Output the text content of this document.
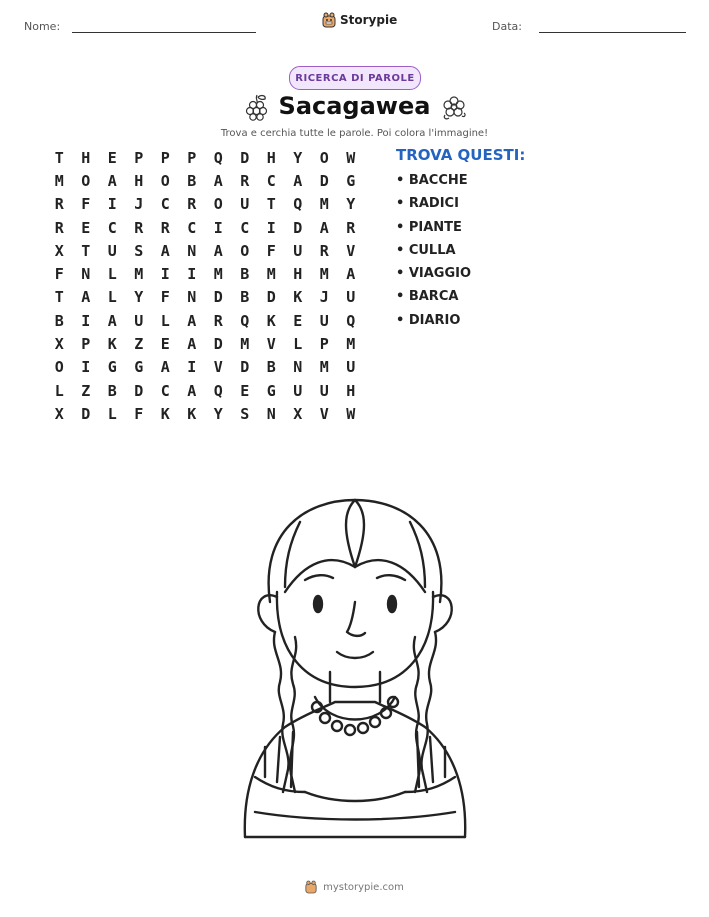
Nome:	Storypie	Data:
RICERCA DI PAROLE
Sacagawea
Trova e cerchia tutte le parole. Poi colora l'immagine!
T	H	E	P	P	P	Q	D	H	Y	O	W
M	O	A	H	O	B	A	R	C	A	D	G
R	F	I	J	C	R	O	U	T	Q	M	Y
R	E	C	R	R	C	I	C	I	D	A	R
X	T	U	S	A	N	A	O	F	U	R	V
F	N	L	M	I	I	M	B	M	H	M	A
T	A	L	Y	F	N	D	B	D	K	J	U
B	I	A	U	L	A	R	Q	K	E	U	Q
X	P	K	Z	E	A	D	M	V	L	P	M
O	I	G	G	A	I	V	D	B	N	M	U
L	Z	B	D	C	A	Q	E	G	U	U	H
X	D	L	F	K	K	Y	S	N	X	V	W
TROVA QUESTI:
• BACCHE
• RADICI
• PIANTE
• CULLA
• VIAGGIO
• BARCA
• DIARIO
mystorypie.com
